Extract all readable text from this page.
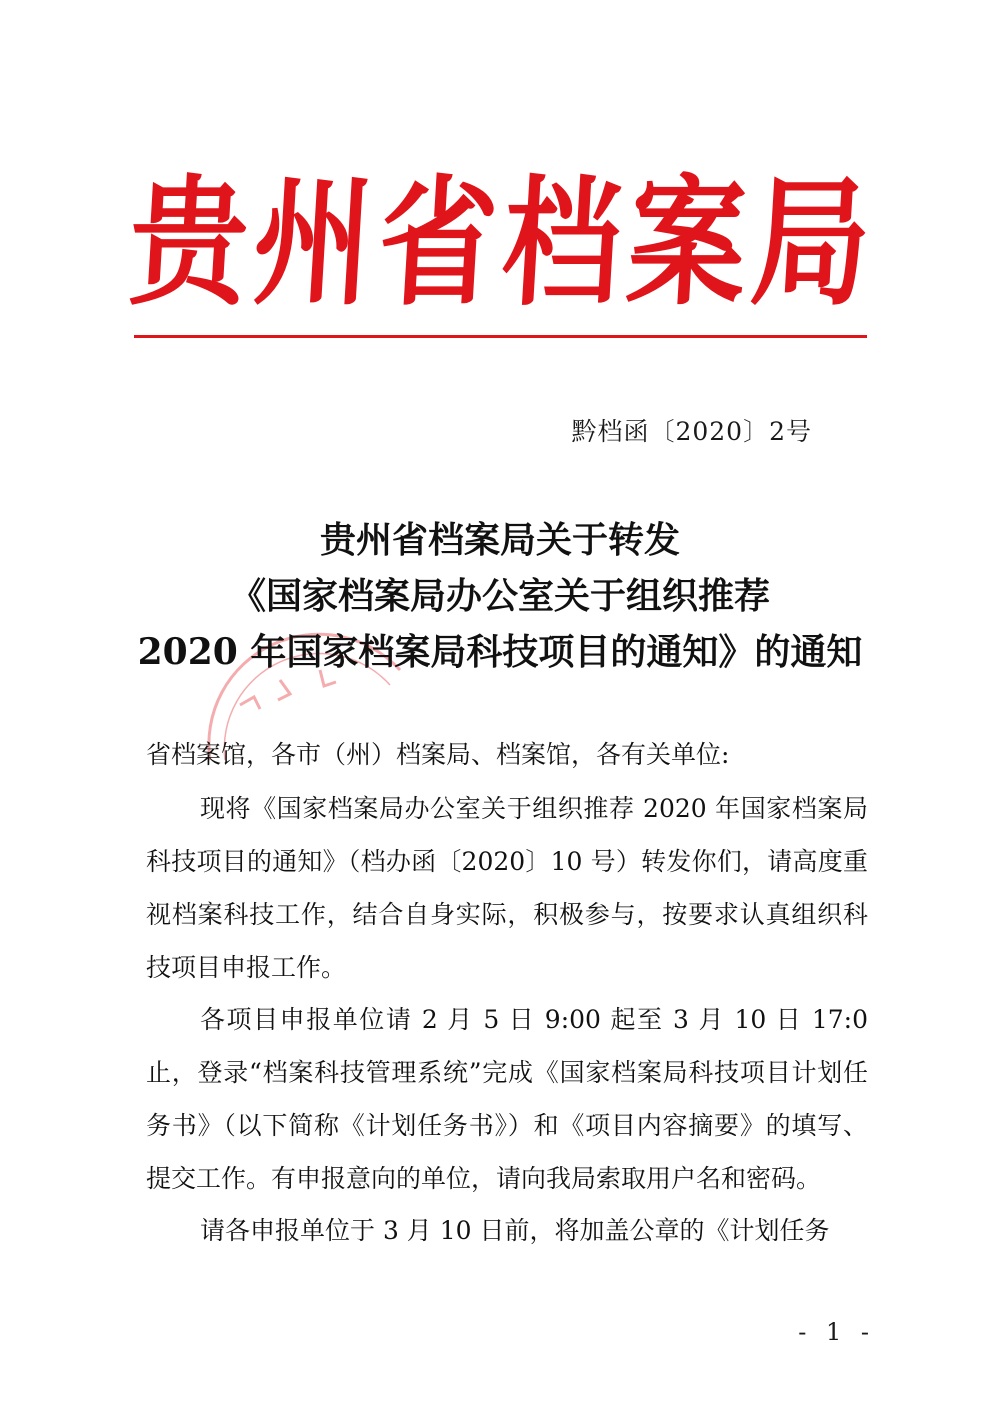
贵
州
省
档
案
局
黔档函〔2020〕2号
贵州省档案局关于转发
《国家档案局办公室关于组织推荐
2020 年国家档案局科技项目的通知》的通知
省档案馆，各市（州）档案局、档案馆，各有关单位:
现将《国家档案局办公室关于组织推荐 2020 年国家档案局科技项目的通知》（档办函〔2020〕10 号）转发你们，请高度重视档案科技工作，结合自身实际，积极参与，按要求认真组织科技项目申报工作。
各项目申报单位请 2 月 5 日 9:00 起至 3 月 10 日 17:0 止，登录“档案科技管理系统”完成《国家档案局科技项目计划任务书》（以下简称《计划任务书》）和《项目内容摘要》的填写、提交工作。有申报意向的单位，请向我局索取用户名和密码。
请各申报单位于 3 月 10 日前，将加盖公章的《计划任务
- 1 -
